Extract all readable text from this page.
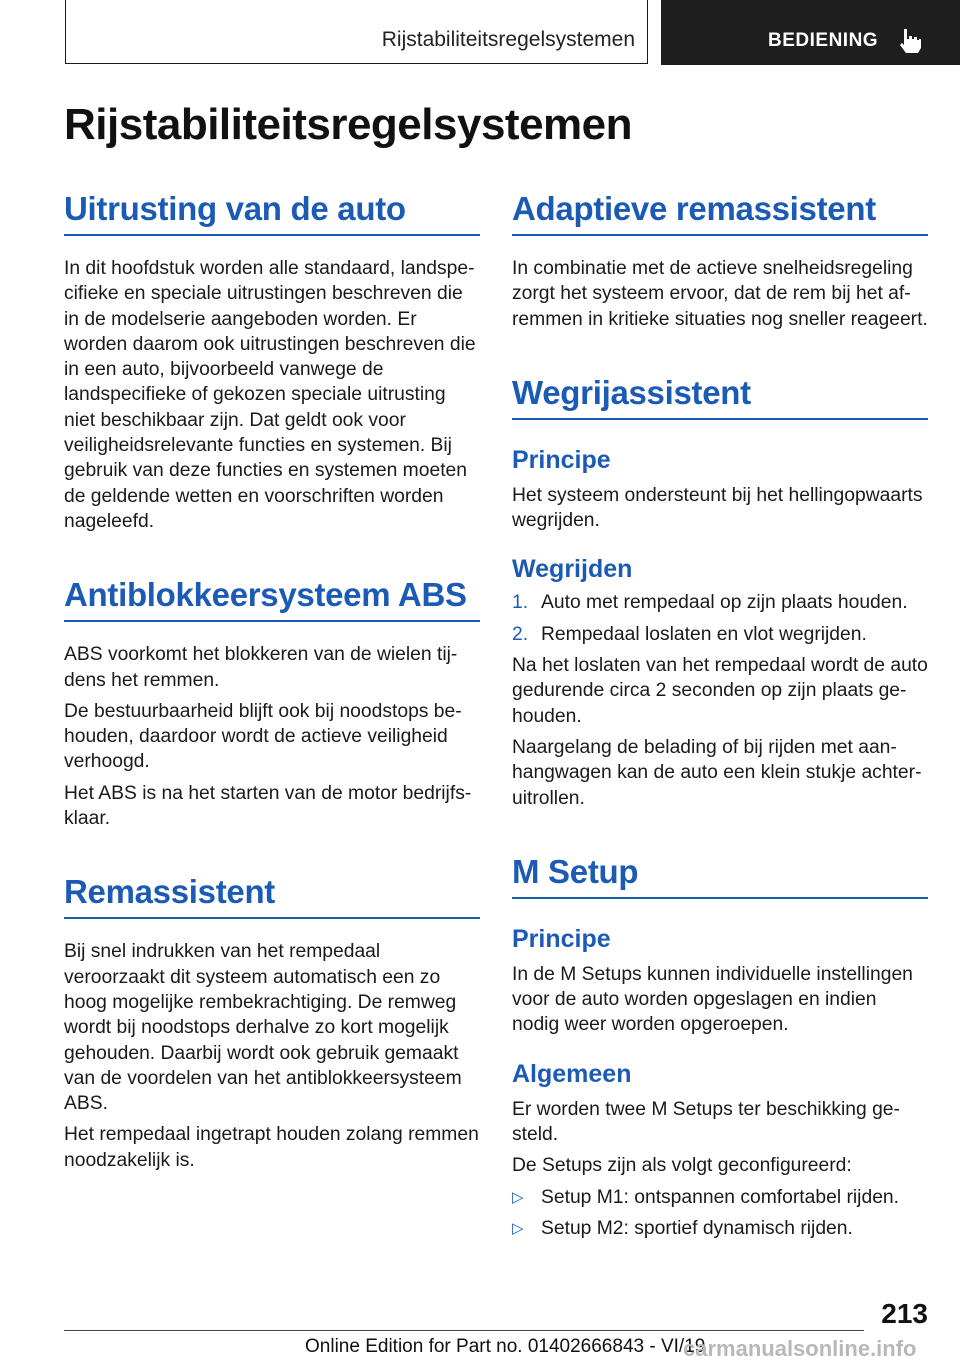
Rijstabiliteitsregelsystemen	BEDIENING
Rijstabiliteitsregelsystemen
Uitrusting van de auto

In dit hoofdstuk worden alle standaard, landspecifieke en speciale uitrustingen beschreven die in de modelserie aangeboden worden. Er worden daarom ook uitrustingen beschreven die in een auto, bijvoorbeeld vanwege de landspecifieke of gekozen speciale uitrusting niet beschikbaar zijn. Dat geldt ook voor veiligheidsrelevante functies en systemen. Bij gebruik van deze functies en systemen moeten de geldende wetten en voorschriften worden nageleefd.

Antiblokkeersysteem ABS

ABS voorkomt het blokkeren van de wielen tijdens het remmen.

De bestuurbaarheid blijft ook bij noodstops behouden, daardoor wordt de actieve veiligheid verhoogd.

Het ABS is na het starten van de motor bedrijfsklaar.

Remassistent

Bij snel indrukken van het rempedaal veroorzaakt dit systeem automatisch een zo hoog mogelijke rembekrachtiging. De remweg wordt bij noodstops derhalve zo kort mogelijk gehouden. Daarbij wordt ook gebruik gemaakt van de voordelen van het antiblokkeersysteem ABS.

Het rempedaal ingetrapt houden zolang remmen noodzakelijk is.

Adaptieve remassistent

In combinatie met de actieve snelheidsregeling zorgt het systeem ervoor, dat de rem bij het afremmen in kritieke situaties nog sneller reageert.

Wegrijassistent
Principe

Het systeem ondersteunt bij het hellingopwaarts wegrijden.

Wegrijden
1. Auto met rempedaal op zijn plaats houden.
2. Rempedaal loslaten en vlot wegrijden.

Na het loslaten van het rempedaal wordt de auto gedurende circa 2 seconden op zijn plaats gehouden.

Naargelang de belading of bij rijden met aanhangwagen kan de auto een klein stukje achteruitrollen.

M Setup
Principe

In de M Setups kunnen individuelle instellingen voor de auto worden opgeslagen en indien nodig weer worden opgeroepen.

Algemeen

Er worden twee M Setups ter beschikking gesteld.

De Setups zijn als volgt geconfigureerd:

▷ Setup M1: ontspannen comfortabel rijden.
▷ Setup M2: sportief dynamisch rijden.
213
Online Edition for Part no. 01402666843 - VI/19
carmanualsonline.info
